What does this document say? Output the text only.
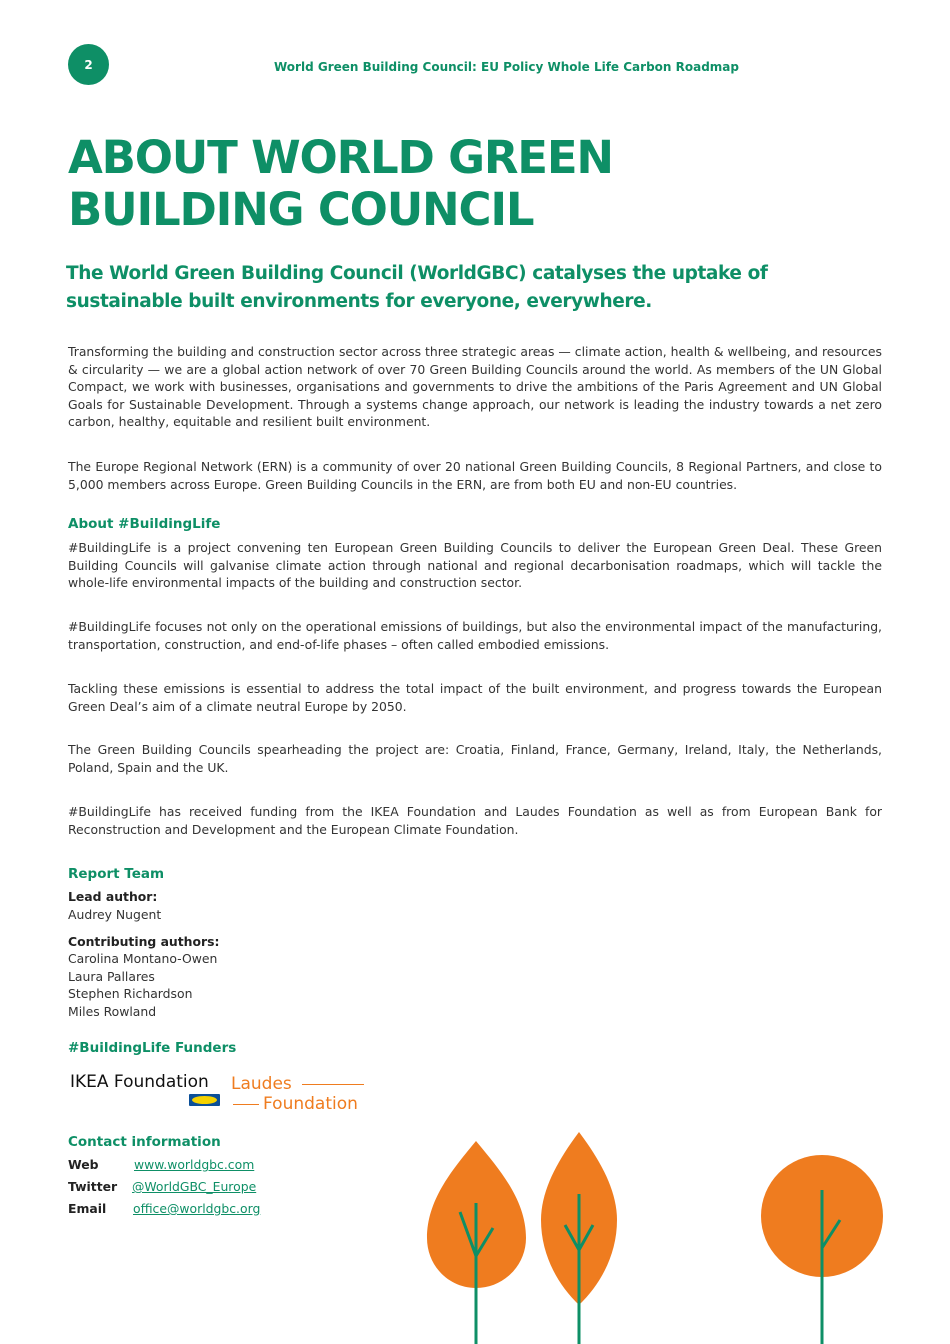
2	World Green Building Council: EU Policy Whole Life Carbon Roadmap
ABOUT WORLD GREEN
BUILDING COUNCIL

The World Green Building Council (WorldGBC) catalyses the uptake of sustainable built environments for everyone, everywhere.

Transforming the building and construction sector across three strategic areas — climate action, health & wellbeing, and resources & circularity — we are a global action network of over 70 Green Building Councils around the world. As members of the UN Global Compact, we work with businesses, organisations and governments to drive the ambitions of the Paris Agreement and UN Global Goals for Sustainable Development. Through a systems change approach, our network is leading the industry towards a net zero carbon, healthy, equitable and resilient built environment.

The Europe Regional Network (ERN) is a community of over 20 national Green Building Councils, 8 Regional Partners, and close to 5,000 members across Europe. Green Building Councils in the ERN, are from both EU and non-EU countries.

About #BuildingLife

#BuildingLife is a project convening ten European Green Building Councils to deliver the European Green Deal. These Green Building Councils will galvanise climate action through national and regional decarbonisation roadmaps, which will tackle the whole-life environmental impacts of the building and construction sector.

#BuildingLife focuses not only on the operational emissions of buildings, but also the environmental impact of the manufacturing, transportation, construction, and end-of-life phases – often called embodied emissions.

Tackling these emissions is essential to address the total impact of the built environment, and progress towards the European Green Deal’s aim of a climate neutral Europe by 2050.

The Green Building Councils spearheading the project are: Croatia, Finland, France, Germany, Ireland, Italy, the Netherlands, Poland, Spain and the UK.

#BuildingLife has received funding from the IKEA Foundation and Laudes Foundation as well as from European Bank for Reconstruction and Development and the European Climate Foundation.

Report Team
Lead author:
Audrey Nugent
Contributing authors:
Carolina Montano-Owen
Laura Pallares
Stephen Richardson
Miles Rowland
#BuildingLife Funders
IKEA Foundation Laudes
Foundation
Contact information
Web	www.worldgbc.com
Twitter @WorldGBC_Europe
Email office@worldgbc.org
